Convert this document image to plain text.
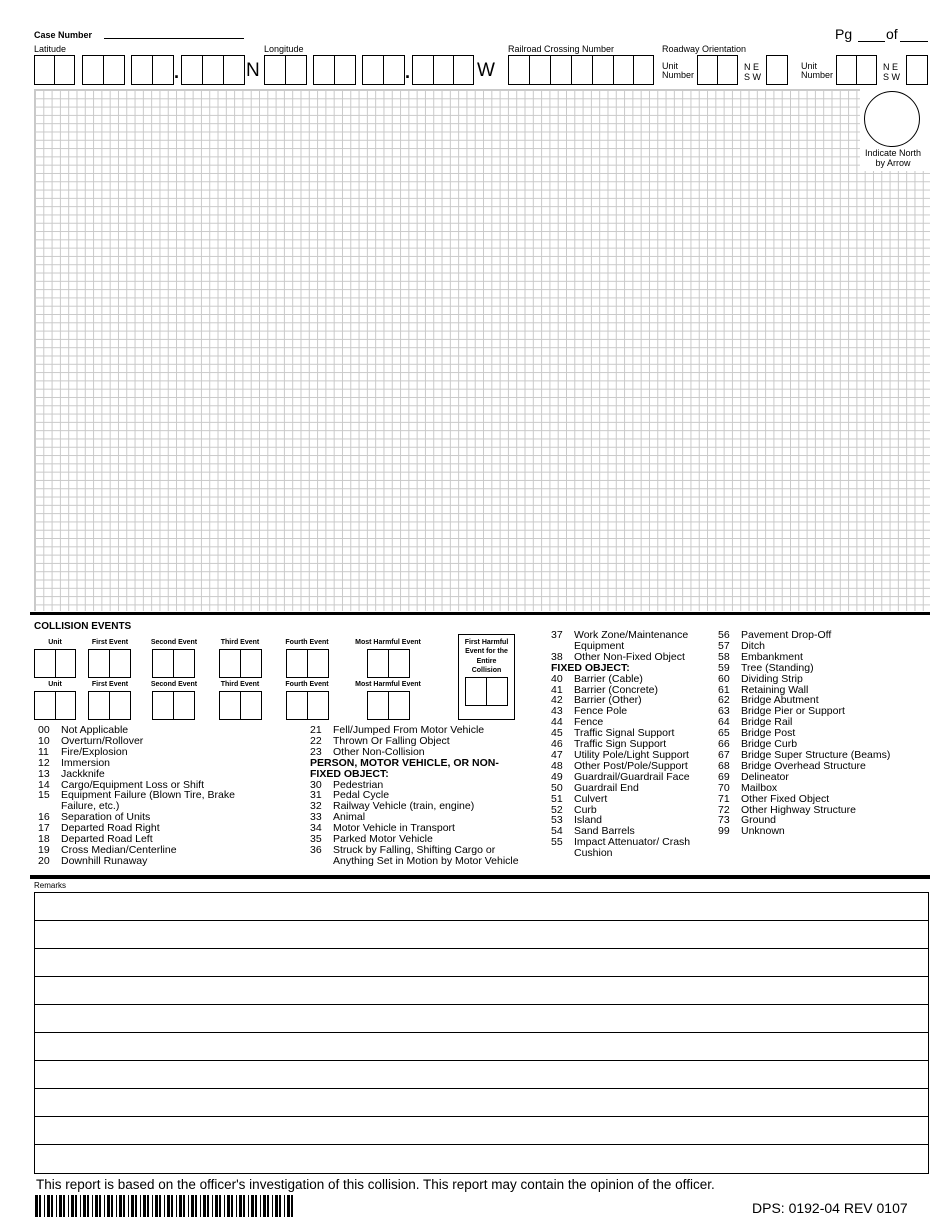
Case Number	Pg of
Latitude	Longitude	Railroad Crossing Number	Roadway Orientation
.	N	.	W	Unit
Number
N E
S W
Unit
Number
N E
S W
Indicate North
by Arrow
COLLISION EVENTS
Unit	First Event	Second Event	Third Event	Fourth Event	Most Harmful Event
Unit	First Event	Second Event	Third Event	Fourth Event	Most Harmful Event
First Harmful
Event for the
Entire
Collision
00 Not Applicable
10 Overturn/Rollover
11 Fire/Explosion
12 Immersion
13 Jackknife
14 Cargo/Equipment Loss or Shift
15 Equipment Failure (Blown Tire, Brake
Failure, etc.)
16 Separation of Units
17 Departed Road Right
18 Departed Road Left
19 Cross Median/Centerline
20 Downhill Runaway
21 Fell/Jumped From Motor Vehicle
22 Thrown Or Falling Object
23 Other Non-Collision
PERSON, MOTOR VEHICLE, OR NON-
FIXED OBJECT:
30 Pedestrian
31 Pedal Cycle
32 Railway Vehicle (train, engine)
33 Animal
34 Motor Vehicle in Transport
35 Parked Motor Vehicle
36 Struck by Falling, Shifting Cargo or
Anything Set in Motion by Motor Vehicle
37 Work Zone/Maintenance
Equipment
38 Other Non-Fixed Object
FIXED OBJECT:
40 Barrier (Cable)
41 Barrier (Concrete)
42 Barrier (Other)
43 Fence Pole
44 Fence
45 Traffic Signal Support
46 Traffic Sign Support
47 Utility Pole/Light Support
48 Other Post/Pole/Support
49 Guardrail/Guardrail Face
50 Guardrail End
51 Culvert
52 Curb
53 Island
54 Sand Barrels
55 Impact Attenuator/ Crash
Cushion
56 Pavement Drop-Off
57 Ditch
58 Embankment
59 Tree (Standing)
60 Dividing Strip
61 Retaining Wall
62 Bridge Abutment
63 Bridge Pier or Support
64 Bridge Rail
65 Bridge Post
66 Bridge Curb
67 Bridge Super Structure (Beams)
68 Bridge Overhead Structure
69 Delineator
70 Mailbox
71 Other Fixed Object
72 Other Highway Structure
73 Ground
99 Unknown
Remarks
This report is based on the officer's investigation of this collision. This report may contain the opinion of the officer.
DPS: 0192-04 REV 0107
